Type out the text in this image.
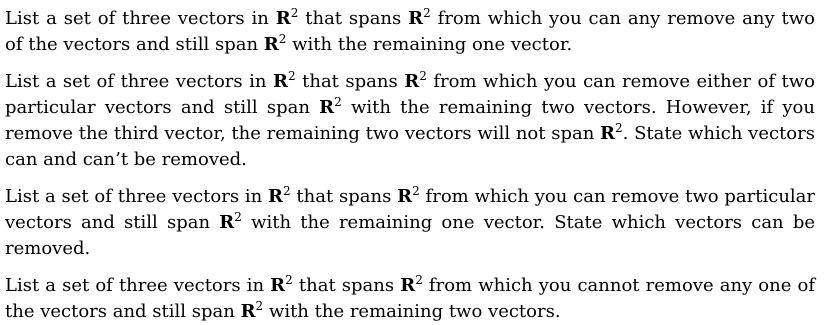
List a set of three vectors in $R^2$ that spans $R^2$ from which you can any remove any two of the vectors and still span $R^2$ with the remaining one vector.

List a set of three vectors in $R^2$ that spans $R^2$ from which you can remove either of two particular vectors and still span $R^2$ with the remaining two vectors. However, if you remove the third vector, the remaining two vectors will not span $R^2$. State which vectors can and can’t be removed.

List a set of three vectors in $R^2$ that spans $R^2$ from which you can remove two particular vectors and still span $R^2$ with the remaining one vector. State which vectors can be removed.

List a set of three vectors in $R^2$ that spans $R^2$ from which you cannot remove any one of the vectors and still span $R^2$ with the remaining two vectors.
